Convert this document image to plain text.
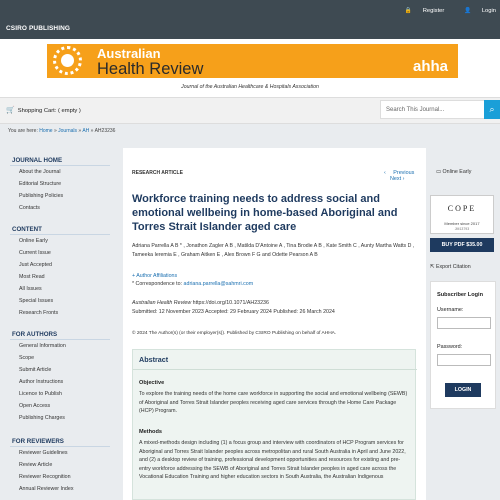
CSIRO PUBLISHING
🔒 Register	👤 Login
Australian
Health Review	ahha
Journal of the Australian Healthcare & Hospitals Association
🛒 Shopping Cart: ( empty )	Search This Journal...	⌕
You are here: Home » Journals » AH » AH23236
JOURNAL HOME
About the Journal
Editorial Structure
Publishing Policies
Contacts
CONTENT
Online Early
Current Issue
Just Accepted
Most Read
All Issues
Special Issues
Research Fronts
FOR AUTHORS
General Information
Scope
Submit Article
Author Instructions
Licence to Publish
Open Access
Publishing Charges
FOR REVIEWERS
Reviewer Guidelines
Review Article
Reviewer Recognition
Annual Reviewer Index
RESEARCH ARTICLE	‹ Previous Next ›
Workforce training needs to address social and emotional wellbeing in home-based Aboriginal and Torres Strait Islander aged care
Adriana Parrella A B * , Jonathon Zagler A B , Matilda D'Antoine A , Tina Brodie A B , Kate Smith C , Aunty Martha Watts D , Tameeka Ieremia E , Graham Aitken E , Alex Brown F G and Odette Pearson A B
+ Author Affiliations
* Correspondence to: adriana.parrella@sahmri.com
Australian Health Review https://doi.org/10.1071/AH23236
Submitted: 12 November 2023 Accepted: 29 February 2024 Published: 26 March 2024
© 2024 The Author(s) (or their employer(s)). Published by CSIRO Publishing on behalf of AHHA.
Abstract
Objective
To explore the training needs of the home care workforce in supporting the social and emotional wellbeing (SEWB) of Aboriginal and Torres Strait Islander peoples receiving aged care services through the Home Care Package (HCP) Program.
Methods
A mixed-methods design including (1) a focus group and interview with coordinators of HCP Program services for Aboriginal and Torres Strait Islander peoples across metropolitan and rural South Australia in April and June 2022, and (2) a desktop review of training, professional development opportunities and resources for existing and pre-entry workforce addressing the SEWB of Aboriginal and Torres Strait Islander peoples in aged care across the Vocational Education Training and higher education sectors in South Australia, the Australian Indigenous
▭ Online Early
COPE
Member since 2017
JM13793
BUY PDF $35.00
⇱ Export Citation
Subscriber Login
Username:
Password:
LOGIN
